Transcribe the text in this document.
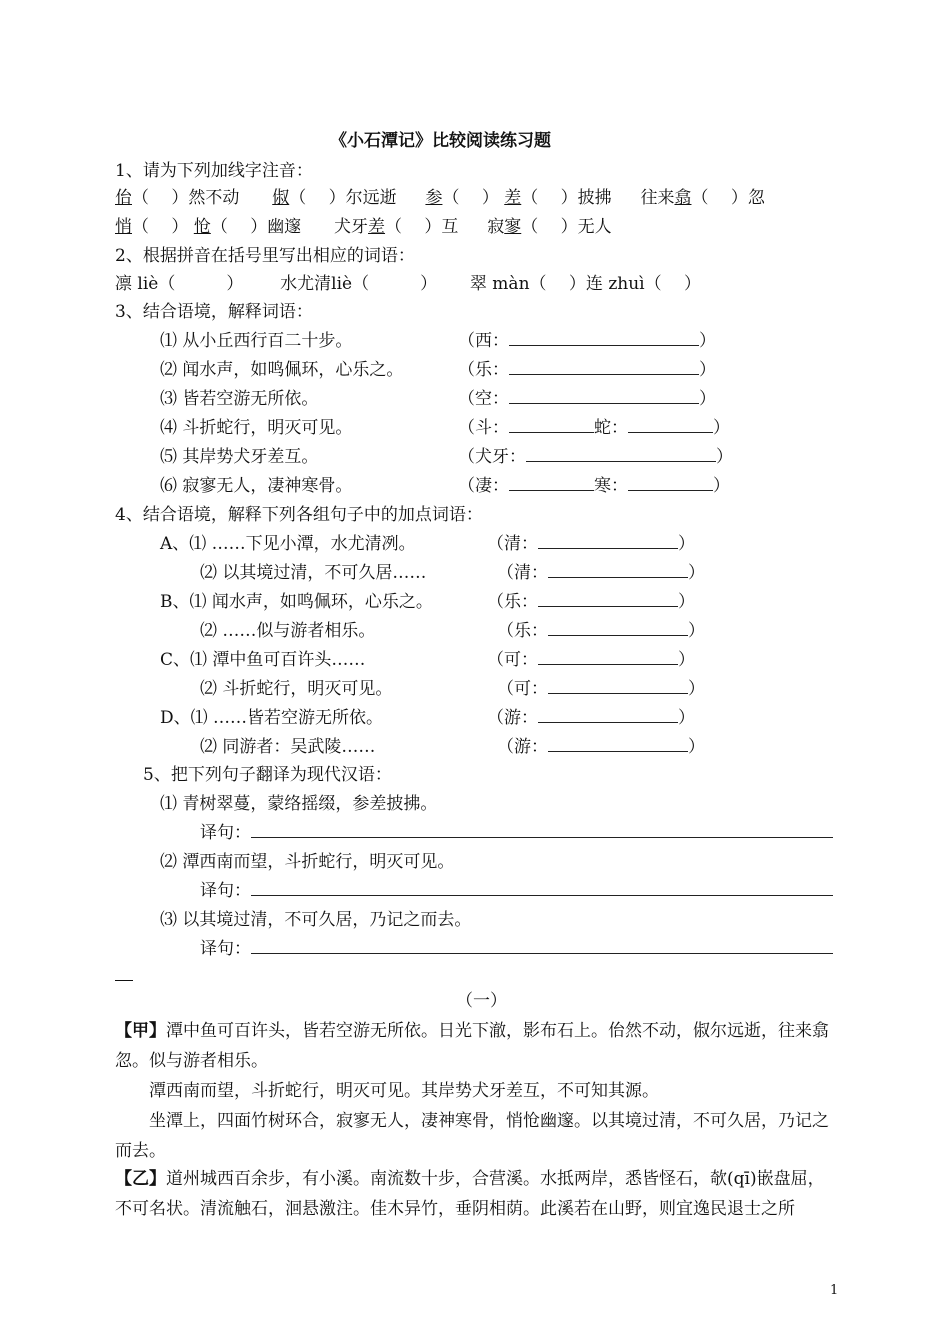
《小石潭记》比较阅读练习题
1、请为下列加线字注音：
佁（　 ）然不动 俶（　 ）尔远逝 参（　 ） 差（　 ）披拂 往来翕（　 ）忽
悄（　 ） 怆（　 ）幽邃 犬牙差（　 ）互 寂寥（　 ）无人
2、根据拼音在括号里写出相应的词语：
凛 liè（　　　） 水尤清liè（　　　） 翠 màn（　 ）连 zhuì（　 ）
3、结合语境，解释词语：
⑴ 从小丘西行百二十步。	（西：	）
⑵ 闻水声，如鸣佩环，心乐之。	（乐：	）
⑶ 皆若空游无所依。	（空：	）
⑷ 斗折蛇行，明灭可见。	（斗：	蛇：	）
⑸ 其岸势犬牙差互。	（犬牙：	）
⑹ 寂寥无人，凄神寒骨。	（凄：	寒：	）
4、结合语境，解释下列各组句子中的加点词语：
A、⑴ ……下见小潭，水尤清冽。	（清：	）
⑵ 以其境过清，不可久居……	（清：	）
B、⑴ 闻水声，如鸣佩环，心乐之。	（乐：	）
⑵ ……似与游者相乐。	（乐：	）
C、⑴ 潭中鱼可百许头……	（可：	）
⑵ 斗折蛇行，明灭可见。	（可：	）
D、⑴ ……皆若空游无所依。	（游：	）
⑵ 同游者：吴武陵……	（游：	）
5、把下列句子翻译为现代汉语：
⑴ 青树翠蔓，蒙络摇缀，参差披拂。
译句：
⑵ 潭西南而望，斗折蛇行，明灭可见。
译句：
⑶ 以其境过清，不可久居，乃记之而去。
译句：
（一）
【甲】潭中鱼可百许头，皆若空游无所依。日光下澈，影布石上。佁然不动，俶尔远逝，往来翕忽。似与游者相乐。
潭西南而望，斗折蛇行，明灭可见。其岸势犬牙差互，不可知其源。
坐潭上，四面竹树环合，寂寥无人，凄神寒骨，悄怆幽邃。以其境过清，不可久居，乃记之而去。
【乙】道州城西百余步，有小溪。南流数十步，合营溪。水抵两岸，悉皆怪石，欹(qī)嵌盘屈，不可名状。清流触石，洄悬激注。佳木异竹，垂阴相荫。此溪若在山野，则宜逸民退士之所
1
